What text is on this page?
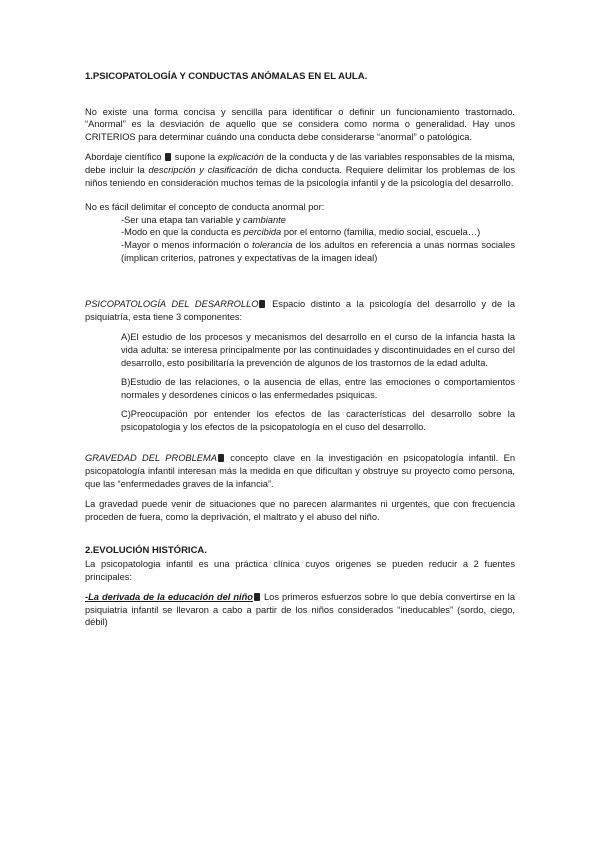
1.PSICOPATOLOGÍA Y CONDUCTAS ANÓMALAS EN EL AULA.

No existe una forma concisa y sencilla para identificar o definir un funcionamiento trastornado. “Anormal” es la desviación de aquello que se considera como norma o generalidad. Hay unos CRITERIOS para determinar cuándo una conducta debe considerarse “anormal” o patológica.

Abordaje científico  supone la explicación de la conducta y de las variables responsables de la misma, debe incluir la descripción y clasificación de dicha conducta. Requiere delimitar los problemas de los niños teniendo en consideración muchos temas de la psicología infantil y de la psicología del desarrollo.

No es fácil delimitar el concepto de conducta anormal por:

-Ser una etapa tan variable y cambiante
-Modo en que la conducta es percibida por el entorno (familia, medio social, escuela…)
-Mayor o menos información o tolerancia de los adultos en referencia a unas normas sociales (implican criterios, patrones y expectativas de la imagen ideal)

PSICOPATOLOGÍA DEL DESARROLLO Espacio distinto a la psicología del desarrollo y de la psiquiatría, esta tiene 3 componentes:

A)El estudio de los procesos y mecanismos del desarrollo en el curso de la infancia hasta la vida adulta: se interesa principalmente por las continuidades y discontinuidades en el curso del desarrollo, esto posibilitaría la prevención de algunos de los trastornos de la edad adulta.

B)Estudio de las relaciones, o la ausencia de ellas, entre las emociones o comportamientos normales y desordenes cínicos o las enfermedades psiquicas.

C)Preocupación por entender los efectos de las características del desarrollo sobre la psicopatologia y los efectos de la psicopatología en el cuso del desarrollo.

GRAVEDAD DEL PROBLEMA concepto clave en la investigación en psicopatología infantil. En psicopatología infantil interesan más la medida en que dificultan y obstruye su proyecto como persona, que las “enfermedades graves de la infancia”.

La gravedad puede venir de situaciones que no parecen alarmantes ni urgentes, que con frecuencia proceden de fuera, como la deprivación, el maltrato y el abuso del niño.

2.EVOLUCIÓN HISTÓRICA.

La psicopatologia infantil es una práctica clínica cuyos origenes se pueden reducir a 2 fuentes principales:

-La derivada de la educación del niño Los primeros esfuerzos sobre lo que debía convertirse en la psiquiatria infantil se llevaron a cabo a partir de los niños considerados “ineducables” (sordo, ciego, débil)
